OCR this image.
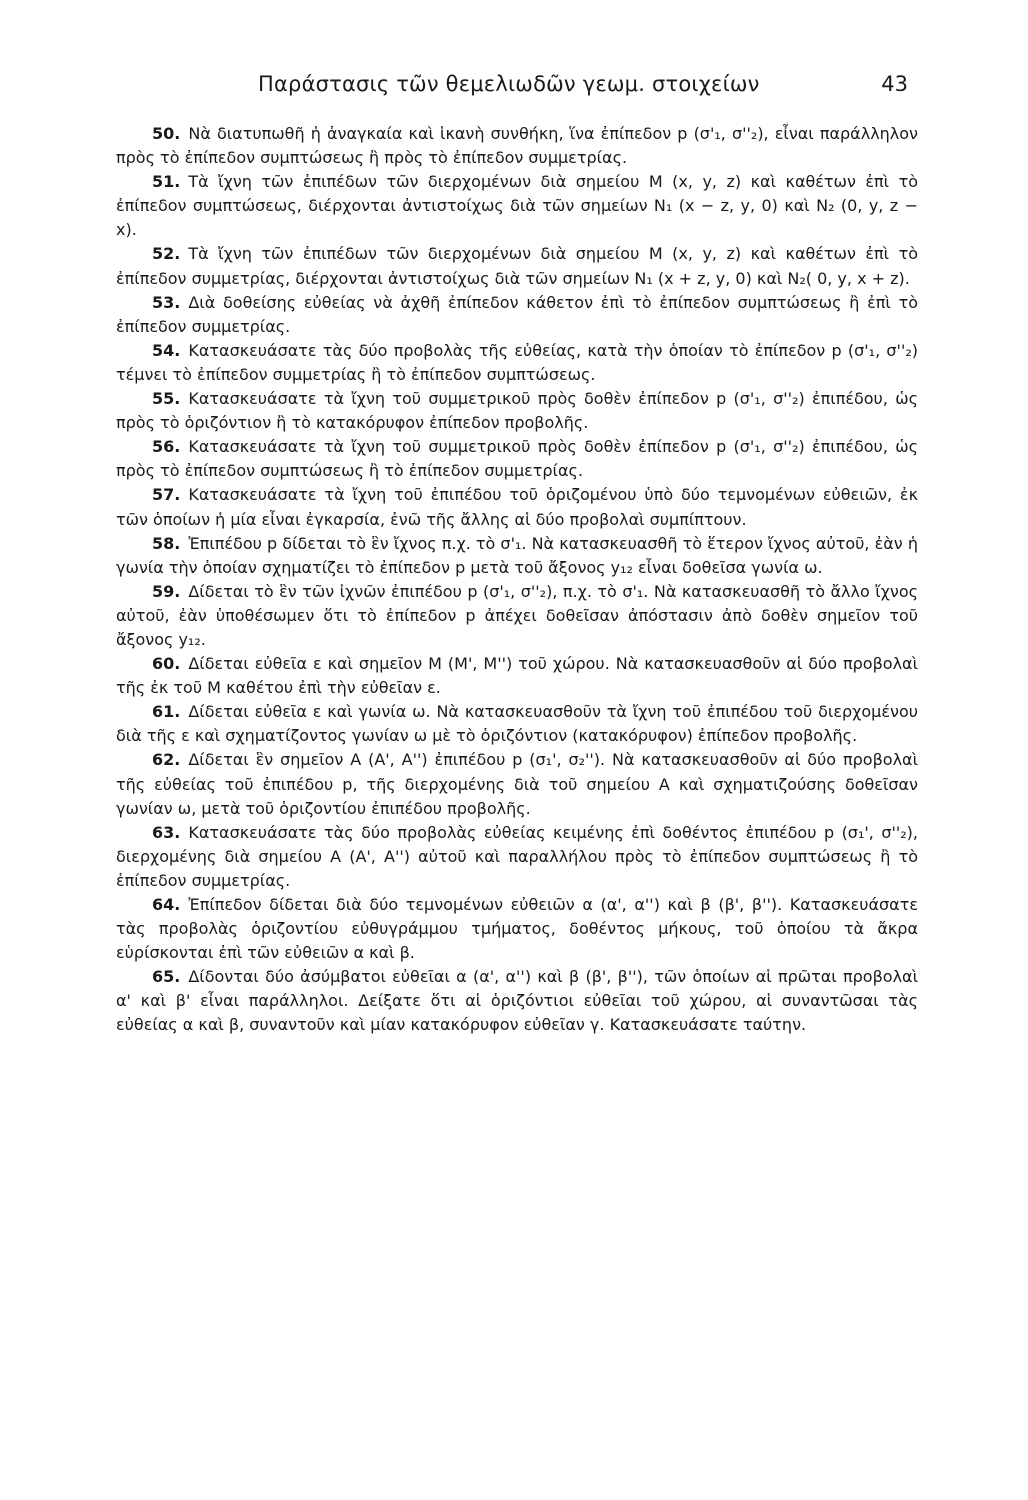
Παράστασις τῶν θεμελιωδῶν γεωμ. στοιχείων	43

50. Νὰ διατυπωθῆ ἡ ἀναγκαία καὶ ἱκανὴ συνθήκη, ἵνα ἐπίπεδον p (σ'₁, σ''₂), εἶναι παράλληλον πρὸς τὸ ἐπίπεδον συμπτώσεως ἢ πρὸς τὸ ἐπίπεδον συμμετρίας.

51. Τὰ ἴχνη τῶν ἐπιπέδων τῶν διερχομένων διὰ σημείου M (x, y, z) καὶ καθέτων ἐπὶ τὸ ἐπίπεδον συμπτώσεως, διέρχονται ἀντιστοίχως διὰ τῶν σημείων N₁ (x − z, y, 0) καὶ N₂ (0, y, z − x).

52. Τὰ ἴχνη τῶν ἐπιπέδων τῶν διερχομένων διὰ σημείου M (x, y, z) καὶ καθέτων ἐπὶ τὸ ἐπίπεδον συμμετρίας, διέρχονται ἀντιστοίχως διὰ τῶν σημείων N₁ (x + z, y, 0) καὶ N₂( 0, y, x + z).

53. Διὰ δοθείσης εὐθείας νὰ ἀχθῆ ἐπίπεδον κάθετον ἐπὶ τὸ ἐπίπεδον συμπτώσεως ἢ ἐπὶ τὸ ἐπίπεδον συμμετρίας.

54. Κατασκευάσατε τὰς δύο προβολὰς τῆς εὐθείας, κατὰ τὴν ὁποίαν τὸ ἐπίπεδον p (σ'₁, σ''₂) τέμνει τὸ ἐπίπεδον συμμετρίας ἢ τὸ ἐπίπεδον συμπτώσεως.

55. Κατασκευάσατε τὰ ἴχνη τοῦ συμμετρικοῦ πρὸς δοθὲν ἐπίπεδον p (σ'₁, σ''₂) ἐπιπέδου, ὡς πρὸς τὸ ὁριζόντιον ἢ τὸ κατακόρυφον ἐπίπεδον προβολῆς.

56. Κατασκευάσατε τὰ ἴχνη τοῦ συμμετρικοῦ πρὸς δοθὲν ἐπίπεδον p (σ'₁, σ''₂) ἐπιπέδου, ὡς πρὸς τὸ ἐπίπεδον συμπτώσεως ἢ τὸ ἐπίπεδον συμμετρίας.

57. Κατασκευάσατε τὰ ἴχνη τοῦ ἐπιπέδου τοῦ ὁριζομένου ὑπὸ δύο τεμνομένων εὐθειῶν, ἐκ τῶν ὁποίων ἡ μία εἶναι ἐγκαρσία, ἐνῶ τῆς ἄλλης αἱ δύο προβολαὶ συμπίπτουν.

58. Ἐπιπέδου p δίδεται τὸ ἓν ἴχνος π.χ. τὸ σ'₁. Νὰ κατασκευασθῆ τὸ ἕτερον ἴχνος αὐτοῦ, ἐὰν ἡ γωνία τὴν ὁποίαν σχηματίζει τὸ ἐπίπεδον p μετὰ τοῦ ἄξονος y₁₂ εἶναι δοθεῖσα γωνία ω.

59. Δίδεται τὸ ἓν τῶν ἰχνῶν ἐπιπέδου p (σ'₁, σ''₂), π.χ. τὸ σ'₁. Νὰ κατασκευασθῆ τὸ ἄλλο ἴχνος αὐτοῦ, ἐὰν ὑποθέσωμεν ὅτι τὸ ἐπίπεδον p ἀπέχει δοθεῖσαν ἀπόστασιν ἀπὸ δοθὲν σημεῖον τοῦ ἄξονος y₁₂.

60. Δίδεται εὐθεῖα ε καὶ σημεῖον M (M', M'') τοῦ χώρου. Νὰ κατασκευασθοῦν αἱ δύο προβολαὶ τῆς ἐκ τοῦ M καθέτου ἐπὶ τὴν εὐθεῖαν ε.

61. Δίδεται εὐθεῖα ε καὶ γωνία ω. Νὰ κατασκευασθοῦν τὰ ἴχνη τοῦ ἐπιπέδου τοῦ διερχομένου διὰ τῆς ε καὶ σχηματίζοντος γωνίαν ω μὲ τὸ ὁριζόντιον (κατακόρυφον) ἐπίπεδον προβολῆς.

62. Δίδεται ἓν σημεῖον A (A', A'') ἐπιπέδου p (σ₁', σ₂''). Νὰ κατασκευασθοῦν αἱ δύο προβολαὶ τῆς εὐθείας τοῦ ἐπιπέδου p, τῆς διερχομένης διὰ τοῦ σημείου A καὶ σχηματιζούσης δοθεῖσαν γωνίαν ω, μετὰ τοῦ ὁριζοντίου ἐπιπέδου προβολῆς.

63. Κατασκευάσατε τὰς δύο προβολὰς εὐθείας κειμένης ἐπὶ δοθέντος ἐπιπέδου p (σ₁', σ''₂), διερχομένης διὰ σημείου A (A', A'') αὐτοῦ καὶ παραλλήλου πρὸς τὸ ἐπίπεδον συμπτώσεως ἢ τὸ ἐπίπεδον συμμετρίας.

64. Ἐπίπεδον δίδεται διὰ δύο τεμνομένων εὐθειῶν α (α', α'') καὶ β (β', β''). Κατασκευάσατε τὰς προβολὰς ὁριζοντίου εὐθυγράμμου τμήματος, δοθέντος μήκους, τοῦ ὁποίου τὰ ἄκρα εὑρίσκονται ἐπὶ τῶν εὐθειῶν α καὶ β.

65. Δίδονται δύο ἀσύμβατοι εὐθεῖαι α (α', α'') καὶ β (β', β''), τῶν ὁποίων αἱ πρῶται προβολαὶ α' καὶ β' εἶναι παράλληλοι. Δείξατε ὅτι αἱ ὁριζόντιοι εὐθεῖαι τοῦ χώρου, αἱ συναντῶσαι τὰς εὐθείας α καὶ β, συναντοῦν καὶ μίαν κατακόρυφον εὐθεῖαν γ. Κατασκευάσατε ταύτην.
